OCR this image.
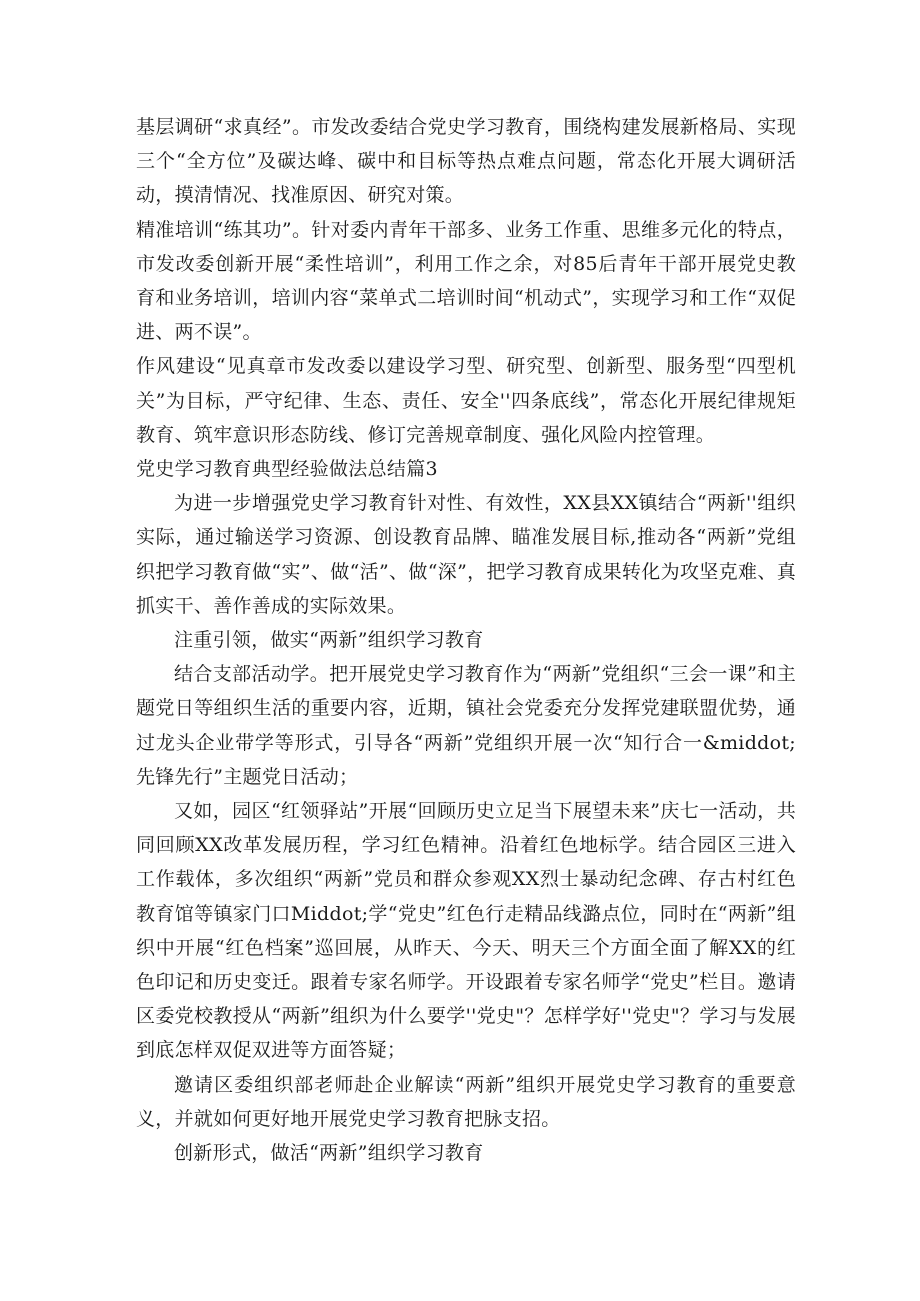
基层调研“求真经”。市发改委结合党史学习教育，围绕构建发展新格局、实现三个“全方位”及碳达峰、碳中和目标等热点难点问题，常态化开展大调研活动，摸清情况、找准原因、研究对策。

精准培训“练其功”。针对委内青年干部多、业务工作重、思维多元化的特点，市发改委创新开展“柔性培训”，利用工作之余，对85后青年干部开展党史教育和业务培训，培训内容“菜单式二培训时间“机动式”，实现学习和工作“双促进、两不误”。

作风建设“见真章市发改委以建设学习型、研究型、创新型、服务型“四型机关”为目标，严守纪律、生态、责任、安全''四条底线”，常态化开展纪律规矩教育、筑牢意识形态防线、修订完善规章制度、强化风险内控管理。

党史学习教育典型经验做法总结篇3

为进一步增强党史学习教育针对性、有效性，XX县XX镇结合“两新''组织实际，通过输送学习资源、创设教育品牌、瞄准发展目标,推动各“两新”党组织把学习教育做“实”、做“活”、做“深”，把学习教育成果转化为攻坚克难、真抓实干、善作善成的实际效果。

注重引领，做实“两新”组织学习教育

结合支部活动学。把开展党史学习教育作为“两新”党组织“三会一课”和主题党日等组织生活的重要内容，近期，镇社会党委充分发挥党建联盟优势，通过龙头企业带学等形式，引导各“两新”党组织开展一次“知行合一&middot;先锋先行”主题党日活动；

又如，园区“红领驿站”开展“回顾历史立足当下展望未来”庆七一活动，共同回顾XX改革发展历程，学习红色精神。沿着红色地标学。结合园区三进入工作载体，多次组织“两新”党员和群众参观XX烈士暴动纪念碑、存古村红色教育馆等镇家门口Middot;学“党史”红色行走精品线潞点位，同时在“两新”组织中开展“红色档案”巡回展，从昨天、今天、明天三个方面全面了解XX的红色印记和历史变迁。跟着专家名师学。开设跟着专家名师学“党史”栏目。邀请区委党校教授从“两新”组织为什么要学''党史"？怎样学好''党史"？学习与发展到底怎样双促双进等方面答疑；

邀请区委组织部老师赴企业解读“两新”组织开展党史学习教育的重要意义，并就如何更好地开展党史学习教育把脉支招。

创新形式，做活“两新”组织学习教育
